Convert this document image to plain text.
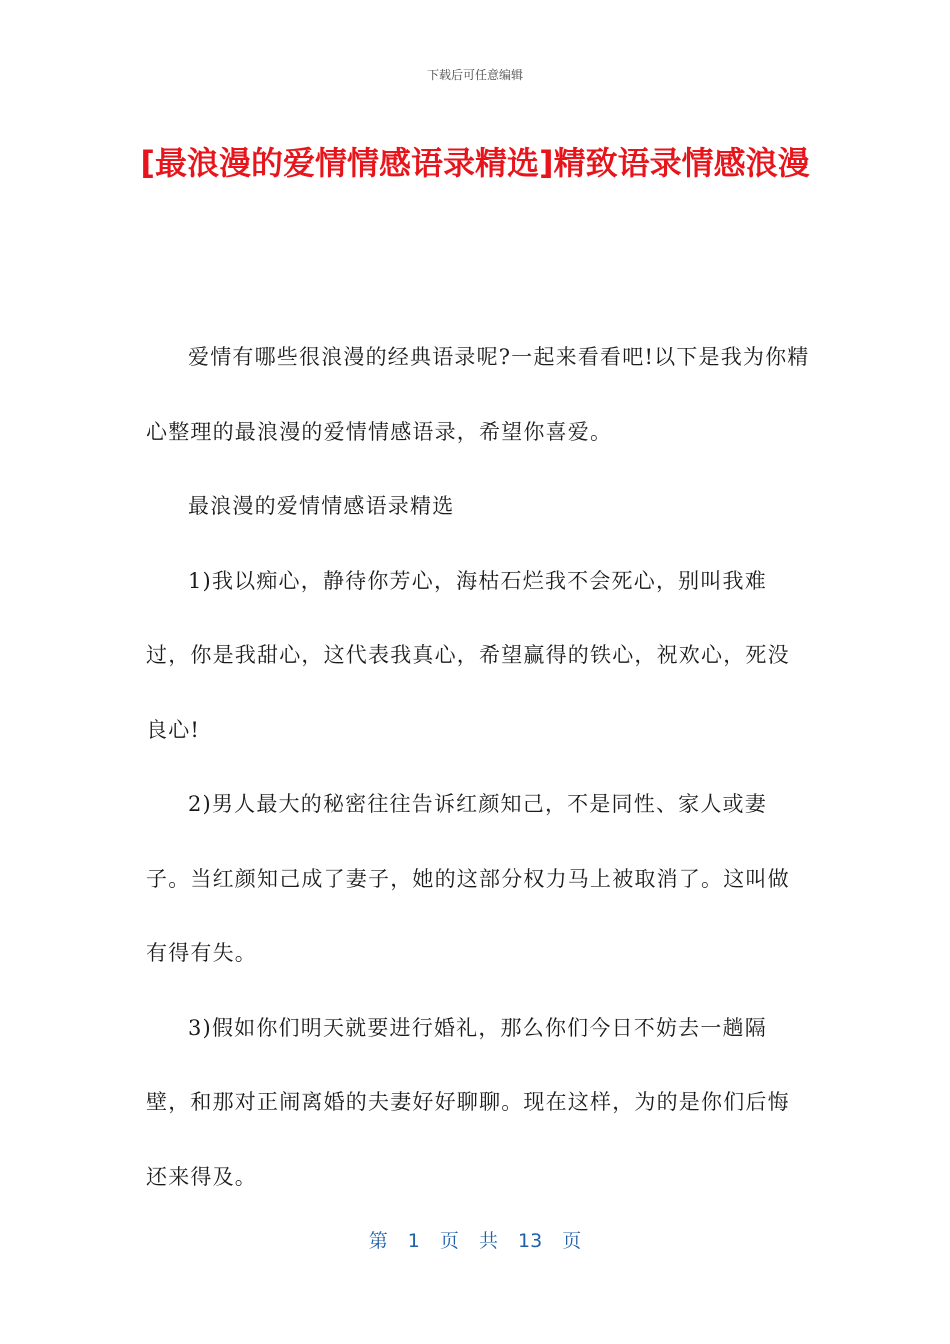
下载后可任意编辑
[最浪漫的爱情情感语录精选]精致语录情感浪漫

爱情有哪些很浪漫的经典语录呢?一起来看看吧!以下是我为你精心整理的最浪漫的爱情情感语录，希望你喜爱。

最浪漫的爱情情感语录精选

1)我以痴心，静待你芳心，海枯石烂我不会死心，别叫我难过，你是我甜心，这代表我真心，希望赢得的铁心，祝欢心，死没良心!

2)男人最大的秘密往往告诉红颜知己，不是同性、家人或妻子。当红颜知己成了妻子，她的这部分权力马上被取消了。这叫做有得有失。

3)假如你们明天就要进行婚礼，那么你们今日不妨去一趟隔壁，和那对正闹离婚的夫妻好好聊聊。现在这样，为的是你们后悔还来得及。

第 1 页 共 13 页
